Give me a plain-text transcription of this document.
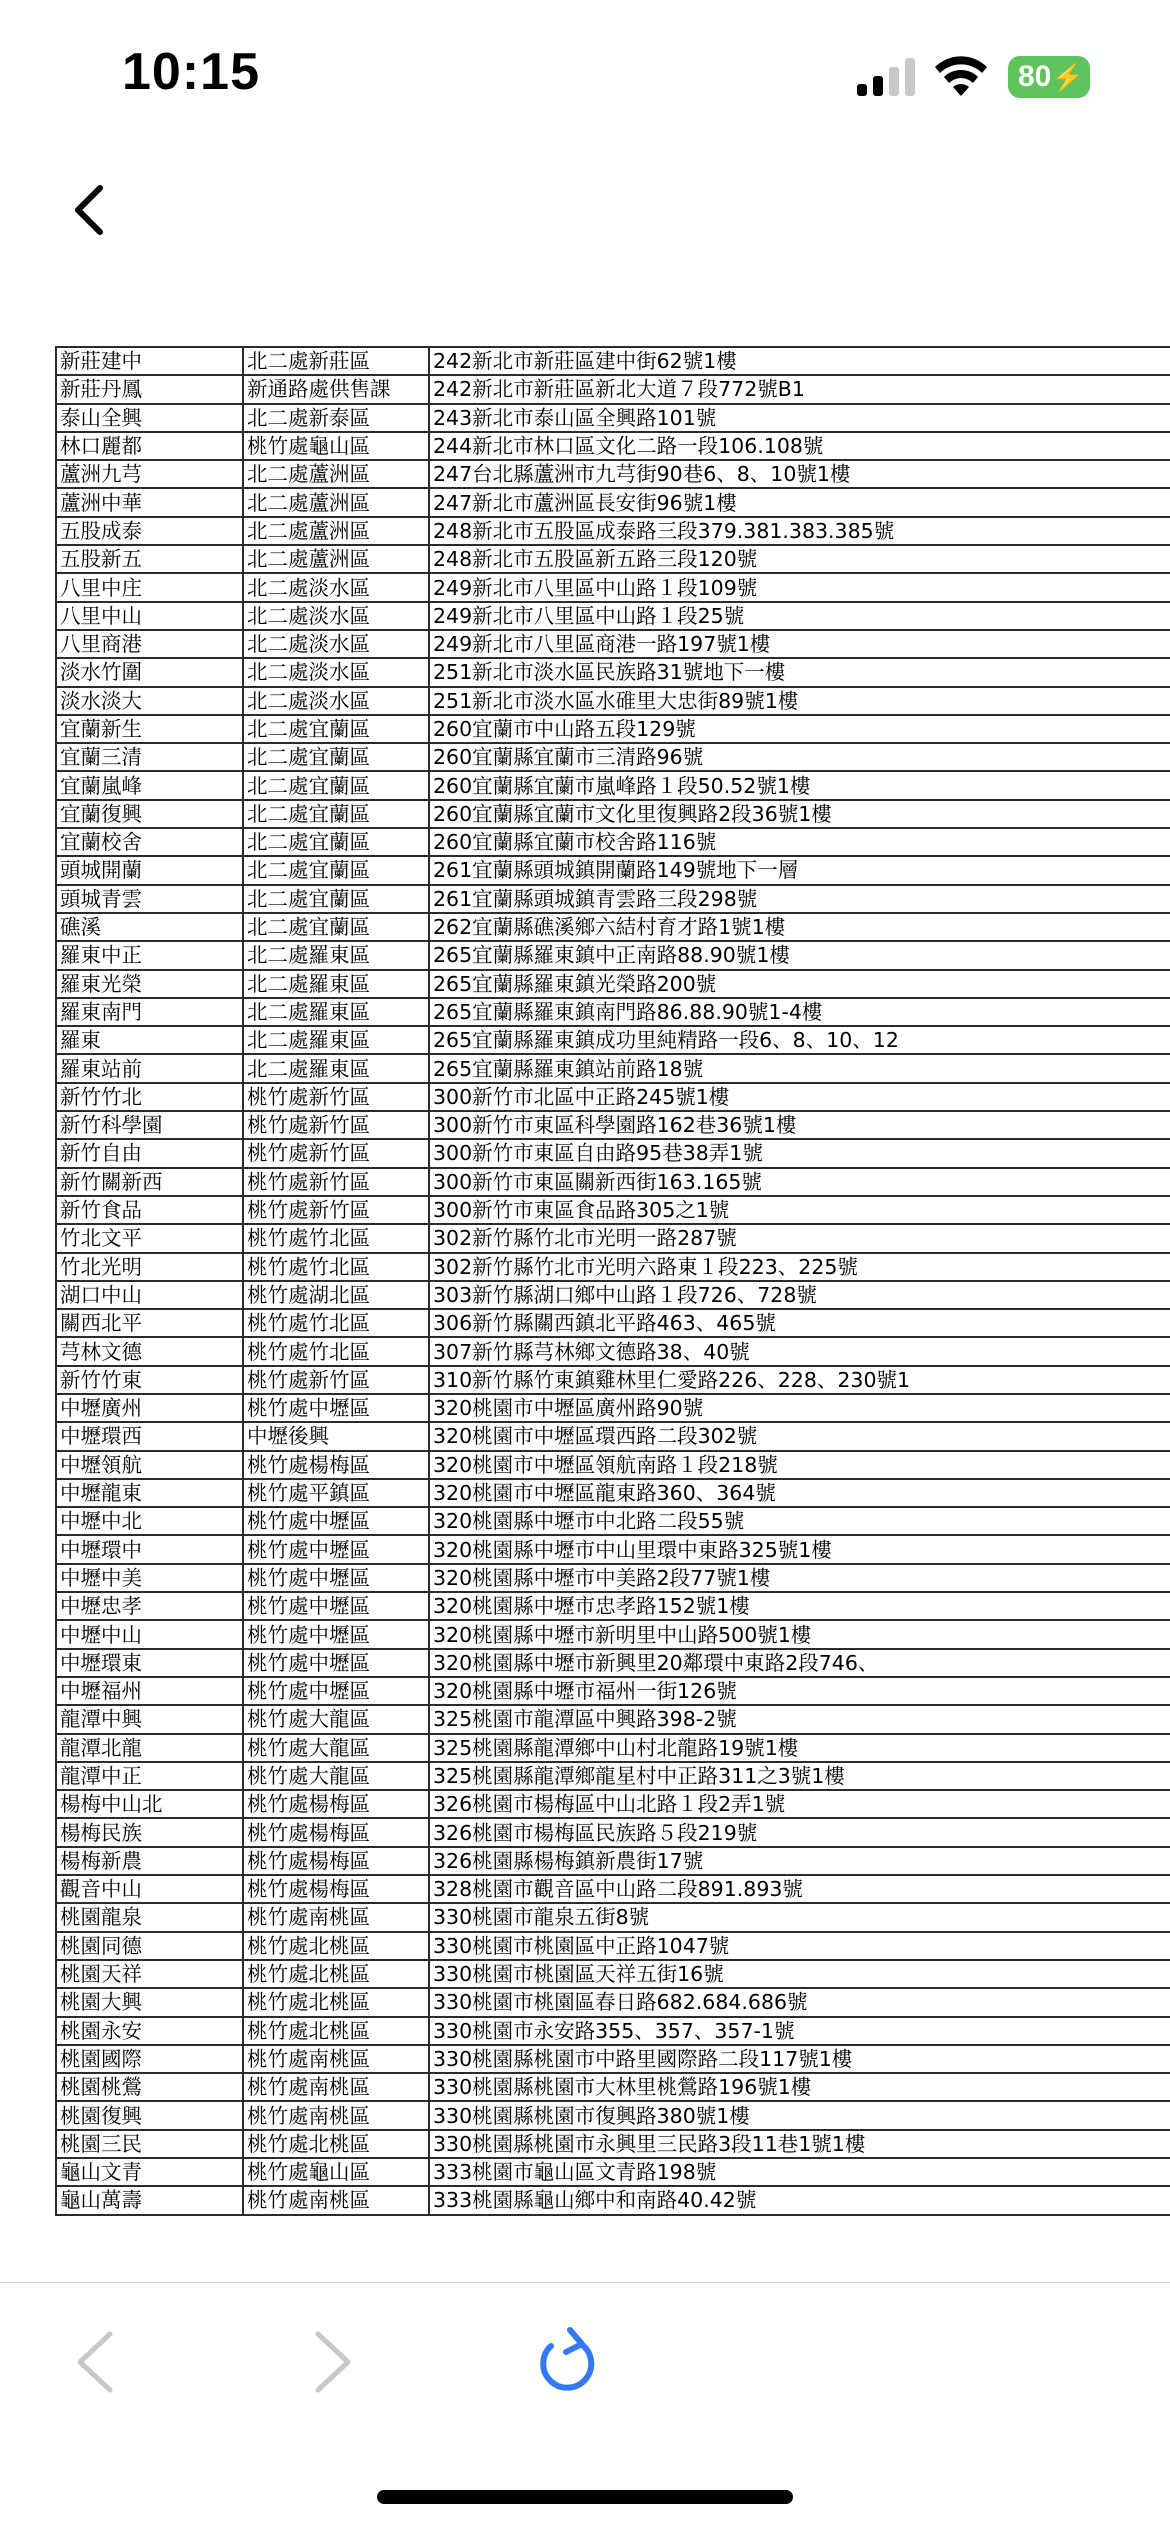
10:15	80 ⚡
新莊建中	北二處新莊區	242新北市新莊區建中街62號1樓
新莊丹鳳	新通路處供售課	242新北市新莊區新北大道７段772號B1
泰山全興	北二處新泰區	243新北市泰山區全興路101號
林口麗都	桃竹處龜山區	244新北市林口區文化二路一段106.108號
蘆洲九芎	北二處蘆洲區	247台北縣蘆洲市九芎街90巷6、8、10號1樓
蘆洲中華	北二處蘆洲區	247新北市蘆洲區長安街96號1樓
五股成泰	北二處蘆洲區	248新北市五股區成泰路三段379.381.383.385號
五股新五	北二處蘆洲區	248新北市五股區新五路三段120號
八里中庄	北二處淡水區	249新北市八里區中山路１段109號
八里中山	北二處淡水區	249新北市八里區中山路１段25號
八里商港	北二處淡水區	249新北市八里區商港一路197號1樓
淡水竹圍	北二處淡水區	251新北市淡水區民族路31號地下一樓
淡水淡大	北二處淡水區	251新北市淡水區水碓里大忠街89號1樓
宜蘭新生	北二處宜蘭區	260宜蘭市中山路五段129號
宜蘭三清	北二處宜蘭區	260宜蘭縣宜蘭市三清路96號
宜蘭嵐峰	北二處宜蘭區	260宜蘭縣宜蘭市嵐峰路１段50.52號1樓
宜蘭復興	北二處宜蘭區	260宜蘭縣宜蘭市文化里復興路2段36號1樓
宜蘭校舍	北二處宜蘭區	260宜蘭縣宜蘭市校舍路116號
頭城開蘭	北二處宜蘭區	261宜蘭縣頭城鎮開蘭路149號地下一層
頭城青雲	北二處宜蘭區	261宜蘭縣頭城鎮青雲路三段298號
礁溪	北二處宜蘭區	262宜蘭縣礁溪鄉六結村育才路1號1樓
羅東中正	北二處羅東區	265宜蘭縣羅東鎮中正南路88.90號1樓
羅東光榮	北二處羅東區	265宜蘭縣羅東鎮光榮路200號
羅東南門	北二處羅東區	265宜蘭縣羅東鎮南門路86.88.90號1-4樓
羅東	北二處羅東區	265宜蘭縣羅東鎮成功里純精路一段6、8、10、12
羅東站前	北二處羅東區	265宜蘭縣羅東鎮站前路18號
新竹竹北	桃竹處新竹區	300新竹市北區中正路245號1樓
新竹科學園	桃竹處新竹區	300新竹市東區科學園路162巷36號1樓
新竹自由	桃竹處新竹區	300新竹市東區自由路95巷38弄1號
新竹關新西	桃竹處新竹區	300新竹市東區關新西街163.165號
新竹食品	桃竹處新竹區	300新竹市東區食品路305之1號
竹北文平	桃竹處竹北區	302新竹縣竹北市光明一路287號
竹北光明	桃竹處竹北區	302新竹縣竹北市光明六路東１段223、225號
湖口中山	桃竹處湖北區	303新竹縣湖口鄉中山路１段726、728號
關西北平	桃竹處竹北區	306新竹縣關西鎮北平路463、465號
芎林文德	桃竹處竹北區	307新竹縣芎林鄉文德路38、40號
新竹竹東	桃竹處新竹區	310新竹縣竹東鎮雞林里仁愛路226、228、230號1
中壢廣州	桃竹處中壢區	320桃園市中壢區廣州路90號
中壢環西	中壢後興	320桃園市中壢區環西路二段302號
中壢領航	桃竹處楊梅區	320桃園市中壢區領航南路１段218號
中壢龍東	桃竹處平鎮區	320桃園市中壢區龍東路360、364號
中壢中北	桃竹處中壢區	320桃園縣中壢市中北路二段55號
中壢環中	桃竹處中壢區	320桃園縣中壢市中山里環中東路325號1樓
中壢中美	桃竹處中壢區	320桃園縣中壢市中美路2段77號1樓
中壢忠孝	桃竹處中壢區	320桃園縣中壢市忠孝路152號1樓
中壢中山	桃竹處中壢區	320桃園縣中壢市新明里中山路500號1樓
中壢環東	桃竹處中壢區	320桃園縣中壢市新興里20鄰環中東路2段746、
中壢福州	桃竹處中壢區	320桃園縣中壢市福州一街126號
龍潭中興	桃竹處大龍區	325桃園市龍潭區中興路398-2號
龍潭北龍	桃竹處大龍區	325桃園縣龍潭鄉中山村北龍路19號1樓
龍潭中正	桃竹處大龍區	325桃園縣龍潭鄉龍星村中正路311之3號1樓
楊梅中山北	桃竹處楊梅區	326桃園市楊梅區中山北路１段2弄1號
楊梅民族	桃竹處楊梅區	326桃園市楊梅區民族路５段219號
楊梅新農	桃竹處楊梅區	326桃園縣楊梅鎮新農街17號
觀音中山	桃竹處楊梅區	328桃園市觀音區中山路二段891.893號
桃園龍泉	桃竹處南桃區	330桃園市龍泉五街8號
桃園同德	桃竹處北桃區	330桃園市桃園區中正路1047號
桃園天祥	桃竹處北桃區	330桃園市桃園區天祥五街16號
桃園大興	桃竹處北桃區	330桃園市桃園區春日路682.684.686號
桃園永安	桃竹處北桃區	330桃園市永安路355、357、357-1號
桃園國際	桃竹處南桃區	330桃園縣桃園市中路里國際路二段117號1樓
桃園桃鶯	桃竹處南桃區	330桃園縣桃園市大林里桃鶯路196號1樓
桃園復興	桃竹處南桃區	330桃園縣桃園市復興路380號1樓
桃園三民	桃竹處北桃區	330桃園縣桃園市永興里三民路3段11巷1號1樓
龜山文青	桃竹處龜山區	333桃園市龜山區文青路198號
龜山萬壽	桃竹處南桃區	333桃園縣龜山鄉中和南路40.42號
